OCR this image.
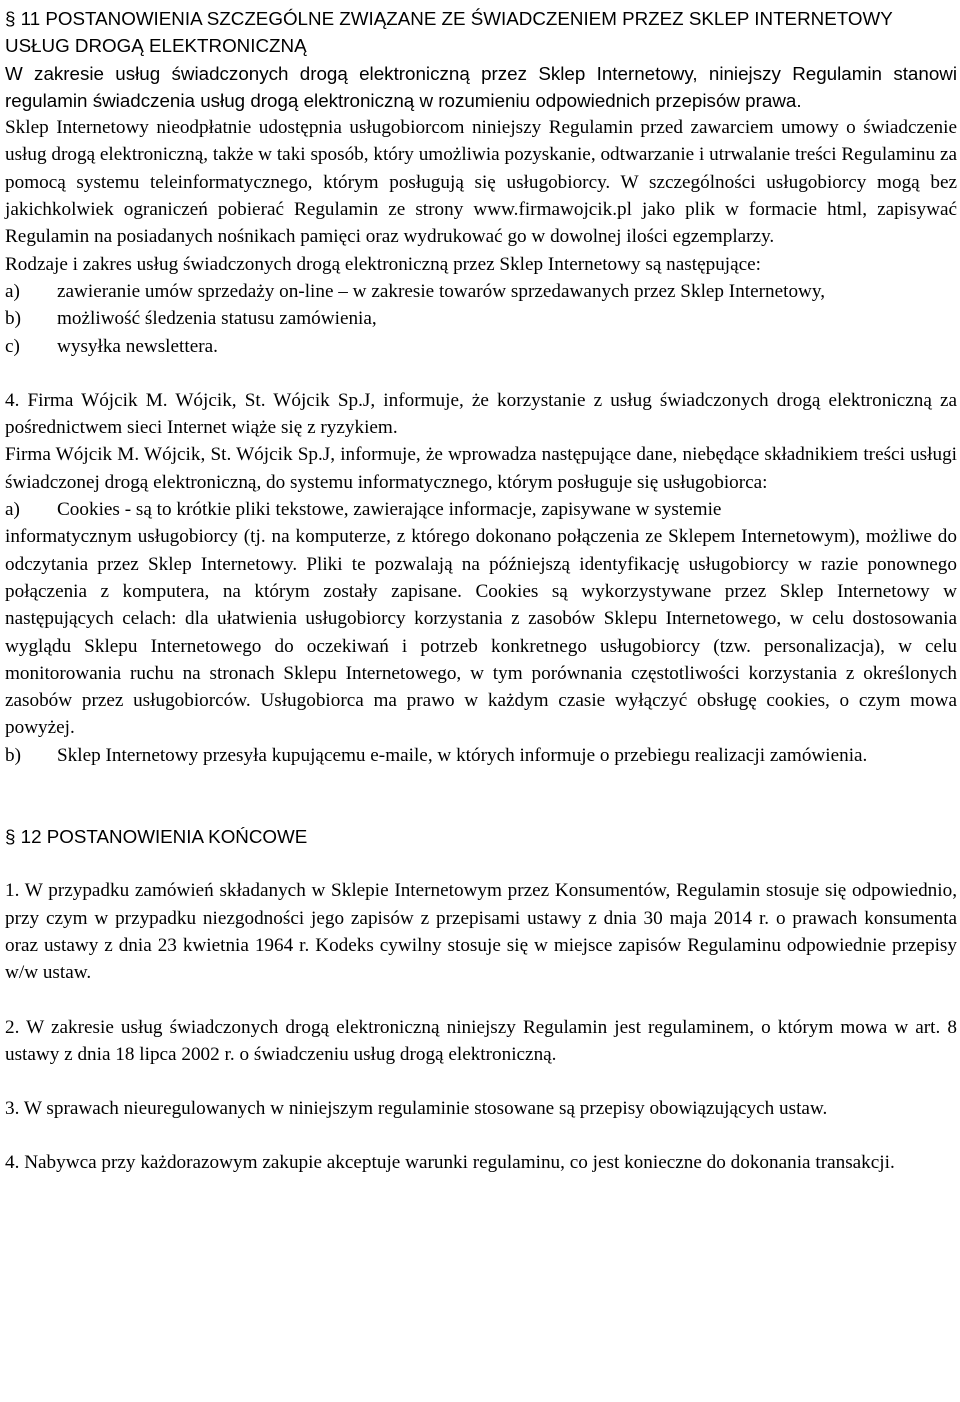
§ 11 POSTANOWIENIA SZCZEGÓLNE ZWIĄZANE ZE ŚWIADCZENIEM PRZEZ SKLEP INTERNETOWY USŁUG DROGĄ ELEKTRONICZNĄ

W zakresie usług świadczonych drogą elektroniczną przez Sklep Internetowy, niniejszy Regulamin stanowi regulamin świadczenia usług drogą elektroniczną w rozumieniu odpowiednich przepisów prawa.

Sklep Internetowy nieodpłatnie udostępnia usługobiorcom niniejszy Regulamin przed zawarciem umowy o świadczenie usług drogą elektroniczną, także w taki sposób, który umożliwia pozyskanie, odtwarzanie i utrwalanie treści Regulaminu za pomocą systemu teleinformatycznego, którym posługują się usługobiorcy. W szczególności usługobiorcy mogą bez jakichkolwiek ograniczeń pobierać Regulamin ze strony www.firmawojcik.pl jako plik w formacie html, zapisywać Regulamin na posiadanych nośnikach pamięci oraz wydrukować go w dowolnej ilości egzemplarzy.

Rodzaje i zakres usług świadczonych drogą elektroniczną przez Sklep Internetowy są następujące:

a)	zawieranie umów sprzedaży on-line – w zakresie towarów sprzedawanych przez Sklep Internetowy,
b)	możliwość śledzenia statusu zamówienia,
c)	wysyłka newslettera.

4. Firma Wójcik M. Wójcik, St. Wójcik Sp.J, informuje, że korzystanie z usług świadczonych drogą elektroniczną za pośrednictwem sieci Internet wiąże się z ryzykiem.

Firma Wójcik M. Wójcik, St. Wójcik Sp.J, informuje, że wprowadza następujące dane, niebędące składnikiem treści usługi świadczonej drogą elektroniczną, do systemu informatycznego, którym posługuje się usługobiorca:

a)	Cookies - są to krótkie pliki tekstowe, zawierające informacje, zapisywane w systemie

informatycznym usługobiorcy (tj. na komputerze, z którego dokonano połączenia ze Sklepem Internetowym), możliwe do odczytania przez Sklep Internetowy. Pliki te pozwalają na późniejszą identyfikację usługobiorcy w razie ponownego połączenia z komputera, na którym zostały zapisane. Cookies są wykorzystywane przez Sklep Internetowy w następujących celach: dla ułatwienia usługobiorcy korzystania z zasobów Sklepu Internetowego, w celu dostosowania wyglądu Sklepu Internetowego do oczekiwań i potrzeb konkretnego usługobiorcy (tzw. personalizacja), w celu monitorowania ruchu na stronach Sklepu Internetowego, w tym porównania częstotliwości korzystania z określonych zasobów przez usługobiorców. Usługobiorca ma prawo w każdym czasie wyłączyć obsługę cookies, o czym mowa powyżej.

b)	Sklep Internetowy przesyła kupującemu e-maile, w których informuje o przebiegu realizacji zamówienia.

§ 12 POSTANOWIENIA KOŃCOWE

1. W przypadku zamówień składanych w Sklepie Internetowym przez Konsumentów, Regulamin stosuje się odpowiednio, przy czym w przypadku niezgodności jego zapisów z przepisami ustawy z dnia 30 maja 2014 r. o prawach konsumenta oraz ustawy z dnia 23 kwietnia 1964 r. Kodeks cywilny stosuje się w miejsce zapisów Regulaminu odpowiednie przepisy w/w ustaw.

2. W zakresie usług świadczonych drogą elektroniczną niniejszy Regulamin jest regulaminem, o którym mowa w art. 8 ustawy z dnia 18 lipca 2002 r. o świadczeniu usług drogą elektroniczną.

3. W sprawach nieuregulowanych w niniejszym regulaminie stosowane są przepisy obowiązujących ustaw.

4. Nabywca przy każdorazowym zakupie akceptuje warunki regulaminu, co jest konieczne do dokonania transakcji.
